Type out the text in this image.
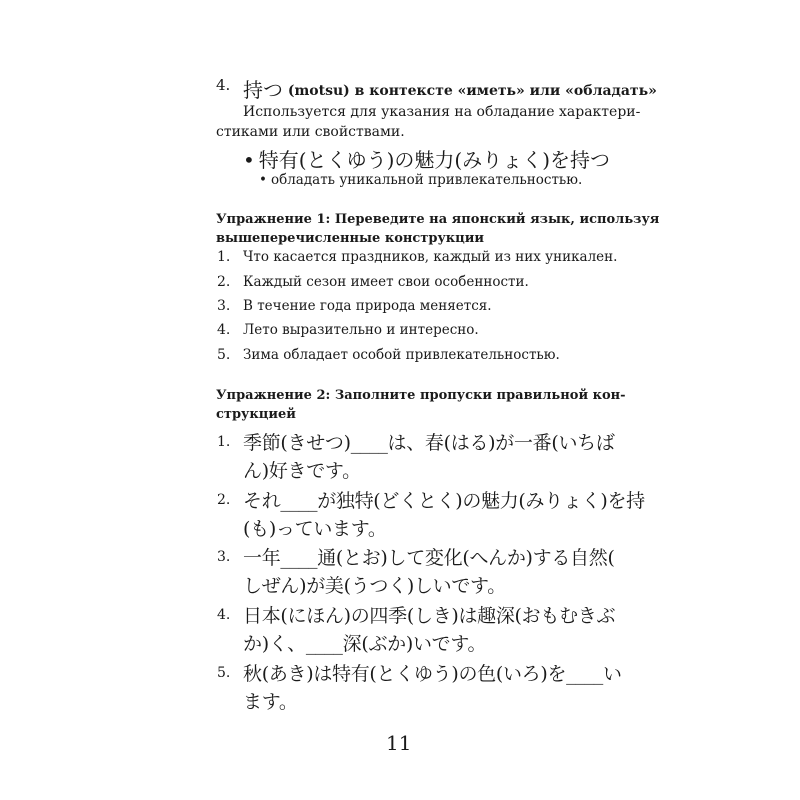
4. 持つ (motsu) в контексте «иметь» или «обладать»
Используется для указания на обладание характери-
стиками или свойствами.
• 特有(とくゆう)の魅力(みりょく)を持つ
• обладать уникальной привлекательностью.
Упражнение 1: Переведите на японский язык, используя
вышеперечисленные конструкции
1. Что касается праздников, каждый из них уникален.
2. Каждый сезон имеет свои особенности.
3. В течение года природа меняется.
4. Лето выразительно и интересно.
5. Зима обладает особой привлекательностью.
Упражнение 2: Заполните пропуски правильной кон-
струкцией
1. 季節(きせつ)____は、春(はる)が一番(いちば
ん)好きです。
2. それ____が独特(どくとく)の魅力(みりょく)を持
(も)っています。
3. 一年____通(とお)して変化(へんか)する自然(
しぜん)が美(うつく)しいです。
4. 日本(にほん)の四季(しき)は趣深(おもむきぶ
か)く、____深(ぶか)いです。
5. 秋(あき)は特有(とくゆう)の色(いろ)を____い
ます。
11
